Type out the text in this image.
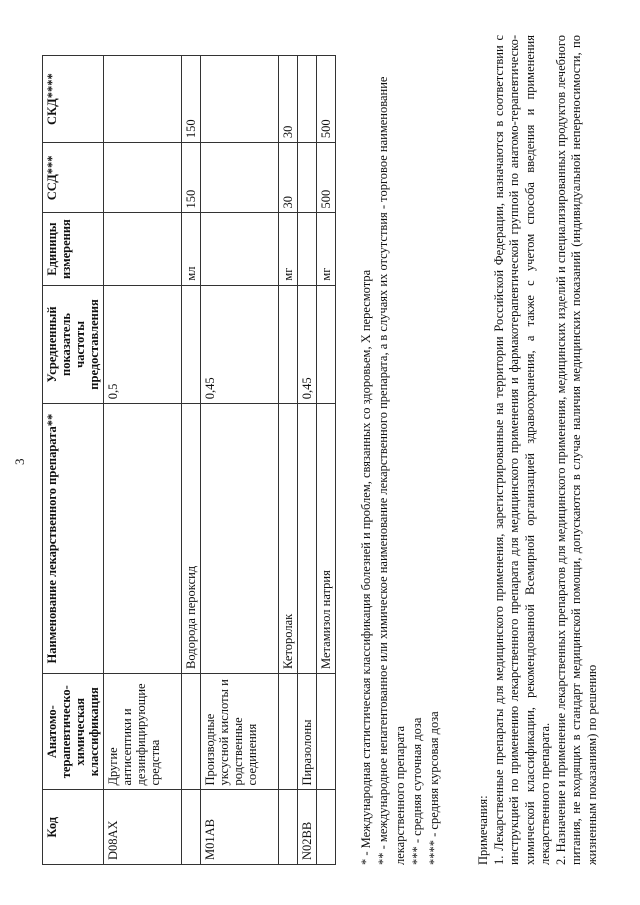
3
Код	Анатомо-терапевтическо-химическая классификация	Наименование лекарственного препарата**	Усредненный показатель частоты предоставления	Единицы измерения	ССД***	СКД****
D08AX	Другие антисептики и дезинфицирующие средства		0,5			
		Водорода пероксид		мл	150	150
M01AB	Производные уксусной кислоты и родственные соединения		0,45			
		Кеторолак		мг	30	30
N02BB	Пиразолоны		0,45			
		Метамизол натрия		мг	500	500
* - Международная статистическая классификация болезней и проблем, связанных со здоровьем, Х пересмотра ** - международное непатентованное или химическое наименование лекарственного препарата, а в случаях их отсутствия - торговое наименование лекарственного препарата *** - средняя суточная доза **** - средняя курсовая доза	Примечания: 1. Лекарственные препараты для медицинского применения, зарегистрированные на территории Российской Федерации, назначаются в соответствии с инструкцией по применению лекарственного препарата для медицинского применения и фармакотерапевтической группой по анатомо-терапевтическо-химической классификации, рекомендованной Всемирной организацией здравоохранения, а также с учетом способа введения и применения лекарственного препарата. 2. Назначение и применение лекарственных препаратов для медицинского применения, медицинских изделий и специализированных продуктов лечебного питания, не входящих в стандарт медицинской помощи, допускаются в случае наличия медицинских показаний (индивидуальной непереносимости, по жизненным показаниям) по решению
